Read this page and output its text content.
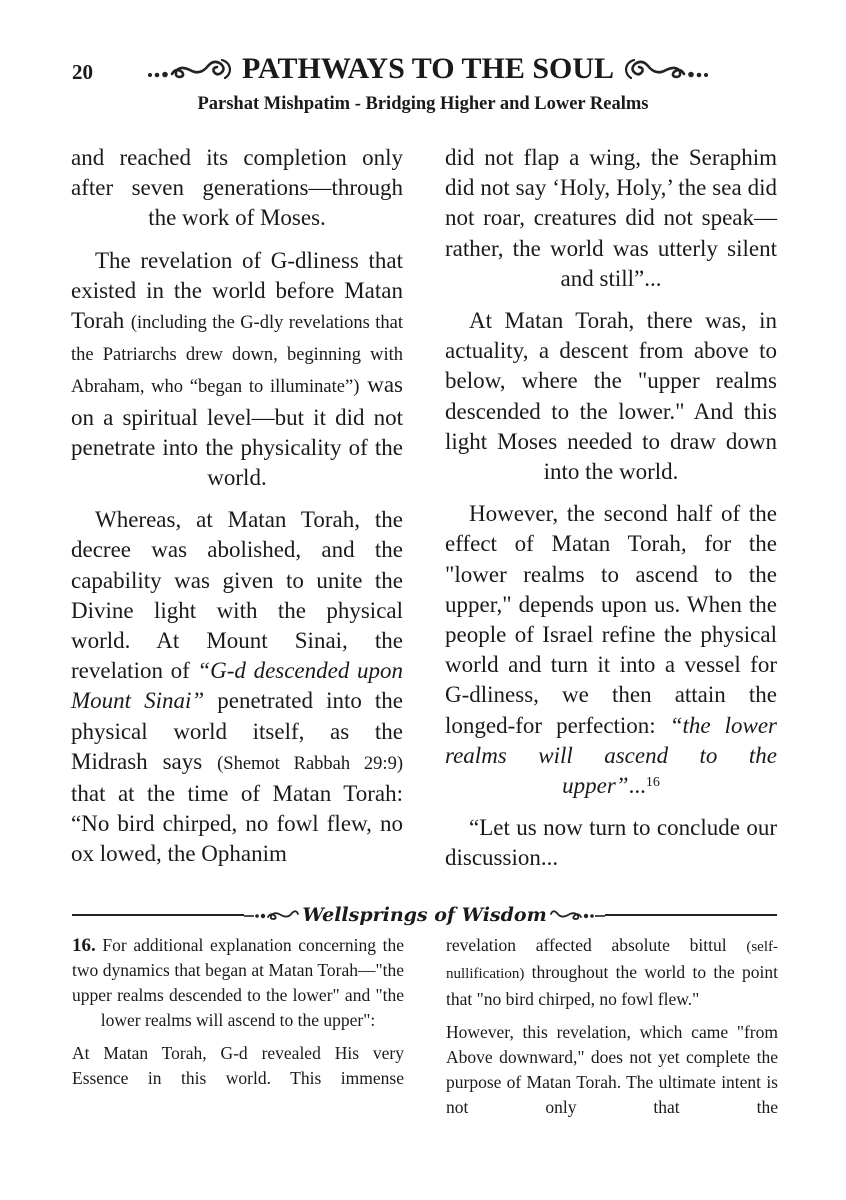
20	PATHWAYS TO THE SOUL
Parshat Mishpatim - Bridging Higher and Lower Realms

and reached its completion only after seven generations—through the work of Moses.

The revelation of G-dliness that existed in the world before Matan Torah (including the G-dly revelations that the Patriarchs drew down, beginning with Abraham, who “began to illuminate”) was on a spiritual level—but it did not penetrate into the physicality of the world.

Whereas, at Matan Torah, the decree was abolished, and the capability was given to unite the Divine light with the physical world. At Mount Sinai, the revelation of “G-d descended upon Mount Sinai” penetrated into the physical world itself, as the Midrash says (Shemot Rabbah 29:9) that at the time of Matan Torah: “No bird chirped, no fowl flew, no ox lowed, the Ophanim

did not flap a wing, the Seraphim did not say ‘Holy, Holy,’ the sea did not roar, creatures did not speak—rather, the world was utterly silent and still”...

At Matan Torah, there was, in actuality, a descent from above to below, where the "upper realms descended to the lower." And this light Moses needed to draw down into the world.

However, the second half of the effect of Matan Torah, for the "lower realms to ascend to the upper," depends upon us. When the people of Israel refine the physical world and turn it into a vessel for G-dliness, we then attain the longed-for perfection: “the lower realms will ascend to the upper”...$^{16}$

“Let us now turn to conclude our discussion...

Wellsprings of Wisdom

16. For additional explanation concerning the two dynamics that began at Matan Torah—"the upper realms descended to the lower" and "the lower realms will ascend to the upper":

At Matan Torah, G-d revealed His very Essence in this world. This immense

revelation affected absolute bittul (self-nullification) throughout the world to the point that "no bird chirped, no fowl flew."

However, this revelation, which came "from Above downward," does not yet complete the purpose of Matan Torah. The ultimate intent is not only that the
